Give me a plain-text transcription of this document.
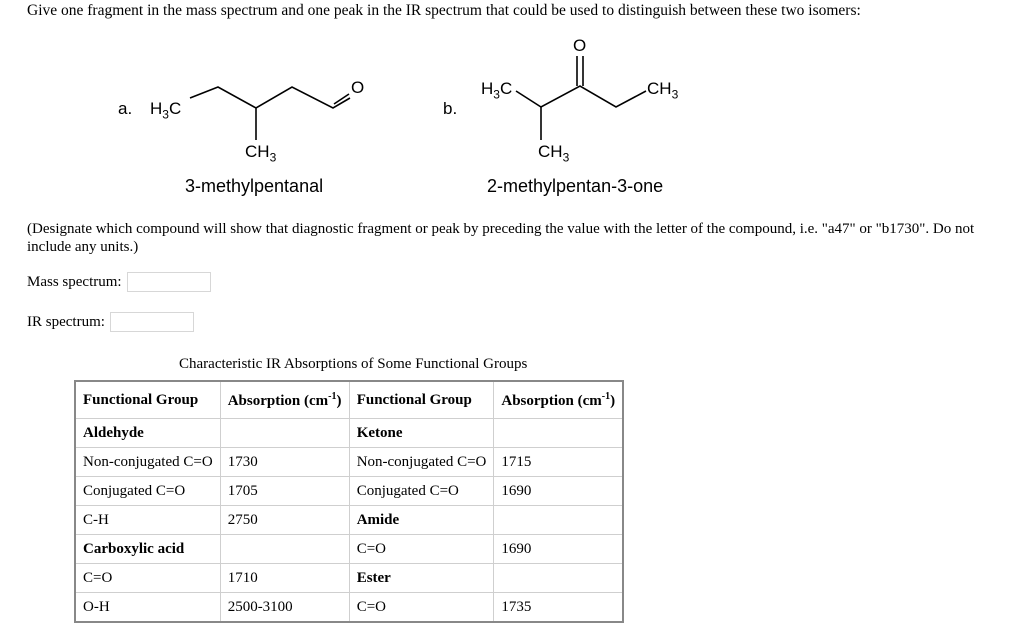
Give one fragment in the mass spectrum and one peak in the IR spectrum that could be used to distinguish between these two isomers:
a. $H_3C$
O
$CH_3$
3-methylpentanal
b.
$H_3C$
O
$CH_3$
$CH_3$
2-methylpentan-3-one
(Designate which compound will show that diagnostic fragment or peak by preceding the value with the letter of the compound, i.e. "a47" or "b1730". Do not include any units.)
Mass spectrum:
IR spectrum:
Characteristic IR Absorptions of Some Functional Groups
Functional Group	Absorption $(cm^{-1})$	Functional Group	Absorption $(cm^{-1})$
Aldehyde		Ketone	
Non-conjugated C=O	1730	Non-conjugated C=O	1715
Conjugated C=O	1705	Conjugated C=O	1690
C-H	2750	Amide	
Carboxylic acid		C=O	1690
C=O	1710	Ester	
O-H	2500-3100	C=O	1735
